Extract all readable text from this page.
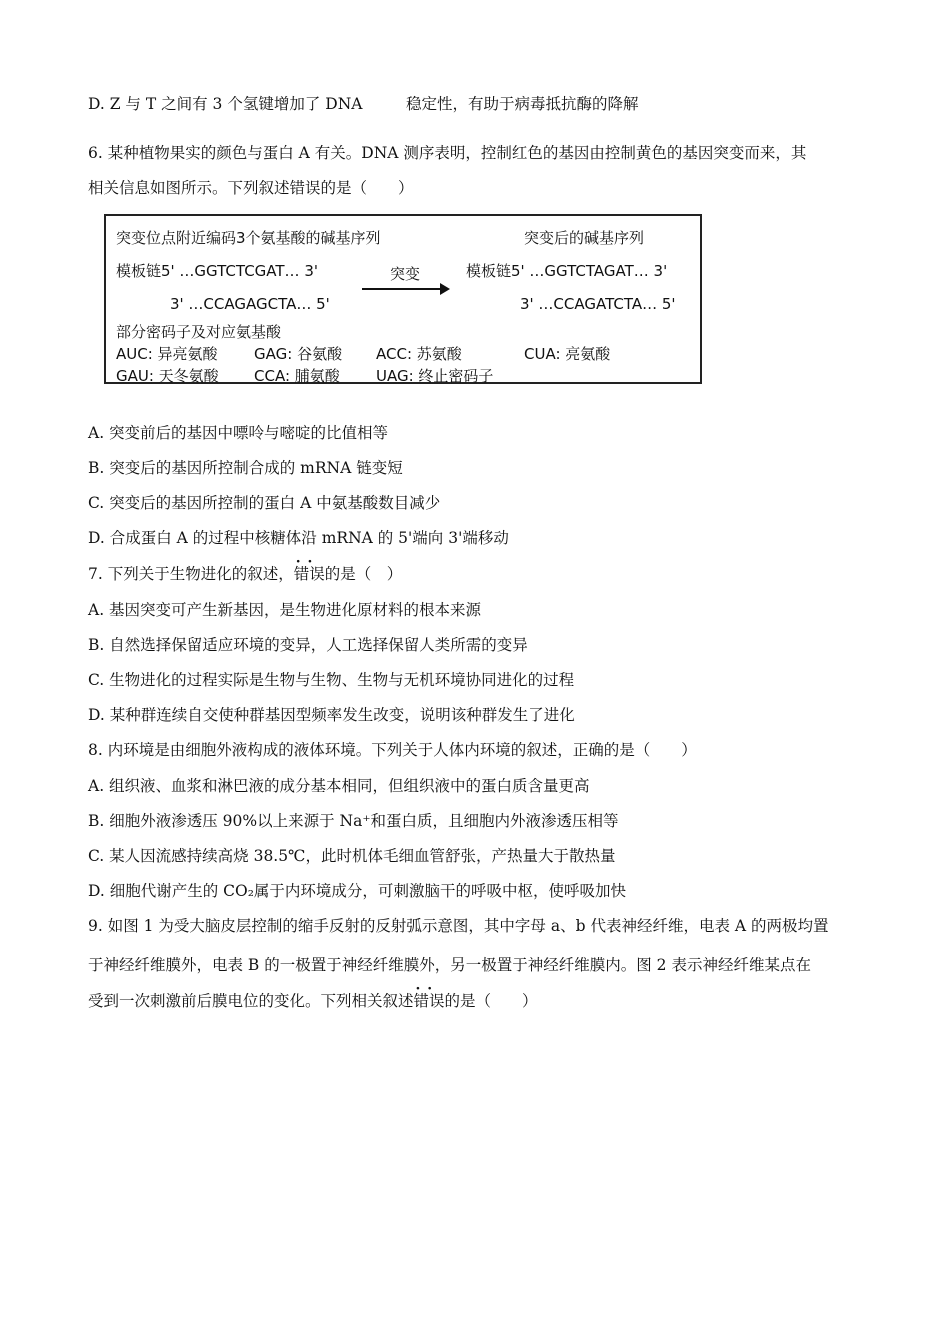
D. Z 与 T 之间有 3 个氢键增加了 DNA	稳定性，有助于病毒抵抗酶的降解
6. 某种植物果实的颜色与蛋白 A 有关。DNA 测序表明，控制红色的基因由控制黄色的基因突变而来，其
相关信息如图所示。下列叙述错误的是（　　）
突变位点附近编码3个氨基酸的碱基序列	突变后的碱基序列
模板链5' …GGTCTCGAT… 3'
3' …CCAGAGCTA… 5'
突变	模板链5' …GGTCTAGAT… 3'
3' …CCAGATCTA… 5'
部分密码子及对应氨基酸
AUC: 异亮氨酸 GAG: 谷氨酸 ACC: 苏氨酸	CUA: 亮氨酸
GAU: 天冬氨酸 CCA: 脯氨酸 UAG: 终止密码子
A. 突变前后的基因中嘌呤与嘧啶的比值相等
B. 突变后的基因所控制合成的 mRNA 链变短
C. 突变后的基因所控制的蛋白 A 中氨基酸数目减少
D. 合成蛋白 A 的过程中核糖体沿 mRNA 的 5'端向 3'端移动
7. 下列关于生物进化的叙述，· · 错误的是（　）
A. 基因突变可产生新基因，是生物进化原材料的根本来源
B. 自然选择保留适应环境的变异，人工选择保留人类所需的变异
C. 生物进化的过程实际是生物与生物、生物与无机环境协同进化的过程
D. 某种群连续自交使种群基因型频率发生改变，说明该种群发生了进化
8. 内环境是由细胞外液构成的液体环境。下列关于人体内环境的叙述，正确的是（　　）
A. 组织液、血浆和淋巴液的成分基本相同，但组织液中的蛋白质含量更高
B. 细胞外液渗透压 90%以上来源于 Na⁺和蛋白质，且细胞内外液渗透压相等
C. 某人因流感持续高烧 38.5℃，此时机体毛细血管舒张，产热量大于散热量
D. 细胞代谢产生的 CO₂属于内环境成分，可刺激脑干的呼吸中枢，使呼吸加快
9. 如图 1 为受大脑皮层控制的缩手反射的反射弧示意图，其中字母 a、b 代表神经纤维，电表 A 的两极均置
于神经纤维膜外，电表 B 的一极置于神经纤维膜外，另一极置于神经纤维膜内。图 2 表示神经纤维某点在
受到一次刺激前后膜电位的变化。下列相关叙述· · 错误的是（　　）
